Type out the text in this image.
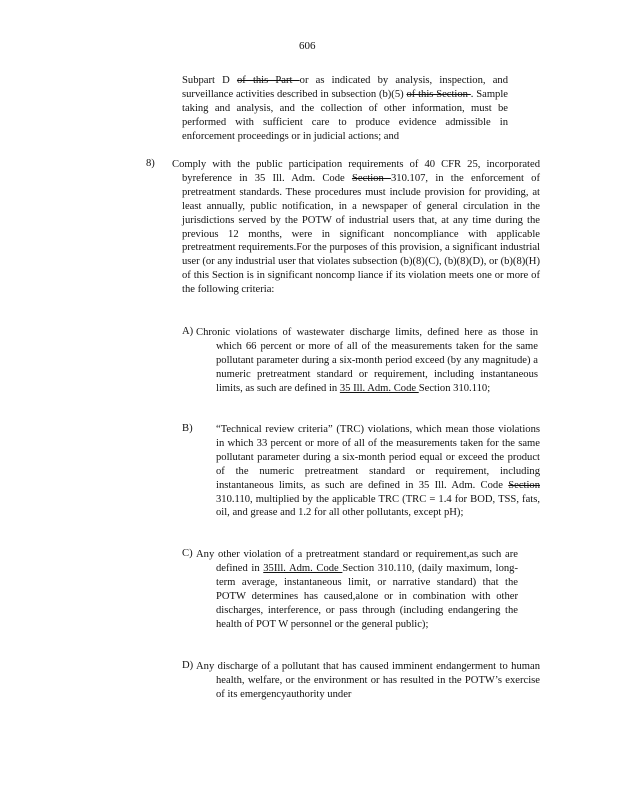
606

Subpart D of this Part or as indicated by analysis, inspection, and surveillance activities described in subsection (b)(5) of this Section . Sample taking and analysis, and the collection of other information, must be performed with sufficient care to produce evidence admissible in enforcement proceedings or in judicial actions; and

8) Comply with the public participation requirements of 40 CFR 25, incorporated byreference in 35 Ill. Adm. Code Section 310.107, in the enforcement of pretreatment standards. These procedures must include provision for providing, at least annually, public notification, in a newspaper of general circulation in the jurisdictions served by the POTW of industrial users that, at any time during the previous 12 months, were in significant noncompliance with applicable pretreatment requirements.For the purposes of this provision, a significant industrial user (or any industrial user that violates subsection (b)(8)(C), (b)(8)(D), or (b)(8)(H) of this Section is in significant noncomp liance if its violation meets one or more of the following criteria:

A) Chronic violations of wastewater discharge limits, defined here as those in which 66 percent or more of all of the measurements taken for the same pollutant parameter during a six-month period exceed (by any magnitude) a numeric pretreatment standard or requirement, including instantaneous limits, as such are defined in 35 Ill. Adm. Code Section 310.110;

B) “Technical review criteria” (TRC) violations, which mean those violations in which 33 percent or more of all of the measurements taken for the same pollutant parameter during a six-month period equal or exceed the product of the numeric pretreatment standard or requirement, including instantaneous limits, as such are defined in 35 Ill. Adm. Code Section 310.110, multiplied by the applicable TRC (TRC = 1.4 for BOD, TSS, fats, oil, and grease and 1.2 for all other pollutants, except pH);

C) Any other violation of a pretreatment standard or requirement,as such are defined in 35Ill. Adm. Code Section 310.110, (daily maximum, long- term average, instantaneous limit, or narrative standard) that the POTW determines has caused,alone or in combination with other discharges, interference, or pass through (including endangering the health of POT W personnel or the general public);

D) Any discharge of a pollutant that has caused imminent endangerment to human health, welfare, or the environment or has resulted in the POTW’s exercise of its emergencyauthority under
